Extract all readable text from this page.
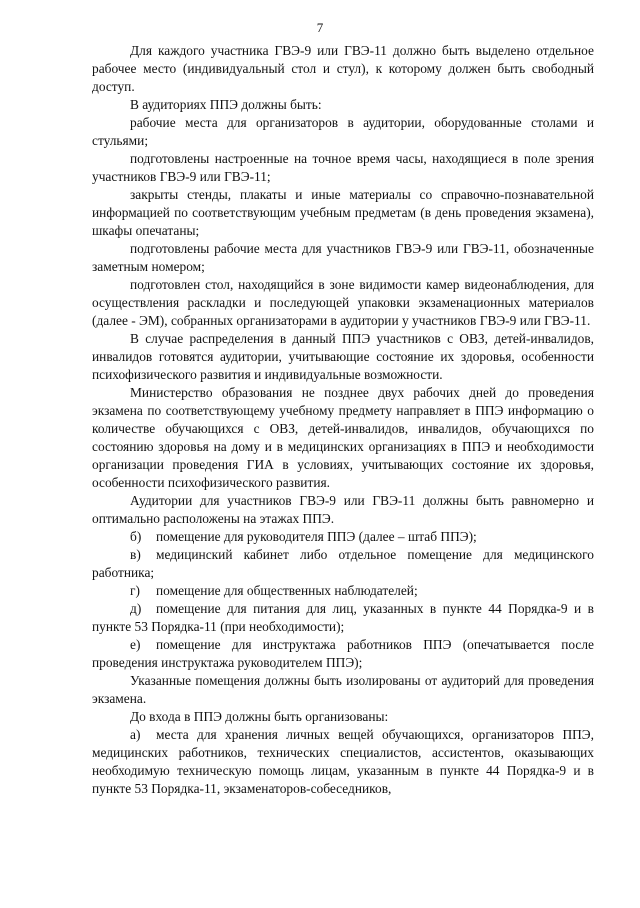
7

Для каждого участника ГВЭ-9 или ГВЭ-11 должно быть выделено отдельное рабочее место (индивидуальный стол и стул), к которому должен быть свободный доступ.

В аудиториях ППЭ должны быть:

рабочие места для организаторов в аудитории, оборудованные столами и стульями;

подготовлены настроенные на точное время часы, находящиеся в поле зрения участников ГВЭ-9 или ГВЭ-11;

закрыты стенды, плакаты и иные материалы со справочно-познавательной информацией по соответствующим учебным предметам (в день проведения экзамена), шкафы опечатаны;

подготовлены рабочие места для участников ГВЭ-9 или ГВЭ-11, обозначенные заметным номером;

подготовлен стол, находящийся в зоне видимости камер видеонаблюдения, для осуществления раскладки и последующей упаковки экзаменационных материалов (далее - ЭМ), собранных организаторами в аудитории у участников ГВЭ-9 или ГВЭ-11.

В случае распределения в данный ППЭ участников с ОВЗ, детей-инвалидов, инвалидов готовятся аудитории, учитывающие состояние их здоровья, особенности психофизического развития и индивидуальные возможности.

Министерство образования не позднее двух рабочих дней до проведения экзамена по соответствующему учебному предмету направляет в ППЭ информацию о количестве обучающихся с ОВЗ, детей-инвалидов, инвалидов, обучающихся по состоянию здоровья на дому и в медицинских организациях в ППЭ и необходимости организации проведения ГИА в условиях, учитывающих состояние их здоровья, особенности психофизического развития.

Аудитории для участников ГВЭ-9 или ГВЭ-11 должны быть равномерно и оптимально расположены на этажах ППЭ.

б) помещение для руководителя ППЭ (далее – штаб ППЭ);

в) медицинский кабинет либо отдельное помещение для медицинского работника;

г) помещение для общественных наблюдателей;

д) помещение для питания для лиц, указанных в пункте 44 Порядка-9 и в пункте 53 Порядка-11 (при необходимости);

е) помещение для инструктажа работников ППЭ (опечатывается после проведения инструктажа руководителем ППЭ);

Указанные помещения должны быть изолированы от аудиторий для проведения экзамена.

До входа в ППЭ должны быть организованы:

а) места для хранения личных вещей обучающихся, организаторов ППЭ, медицинских работников, технических специалистов, ассистентов, оказывающих необходимую техническую помощь лицам, указанным в пункте 44 Порядка-9 и в пункте 53 Порядка-11, экзаменаторов-собеседников,
